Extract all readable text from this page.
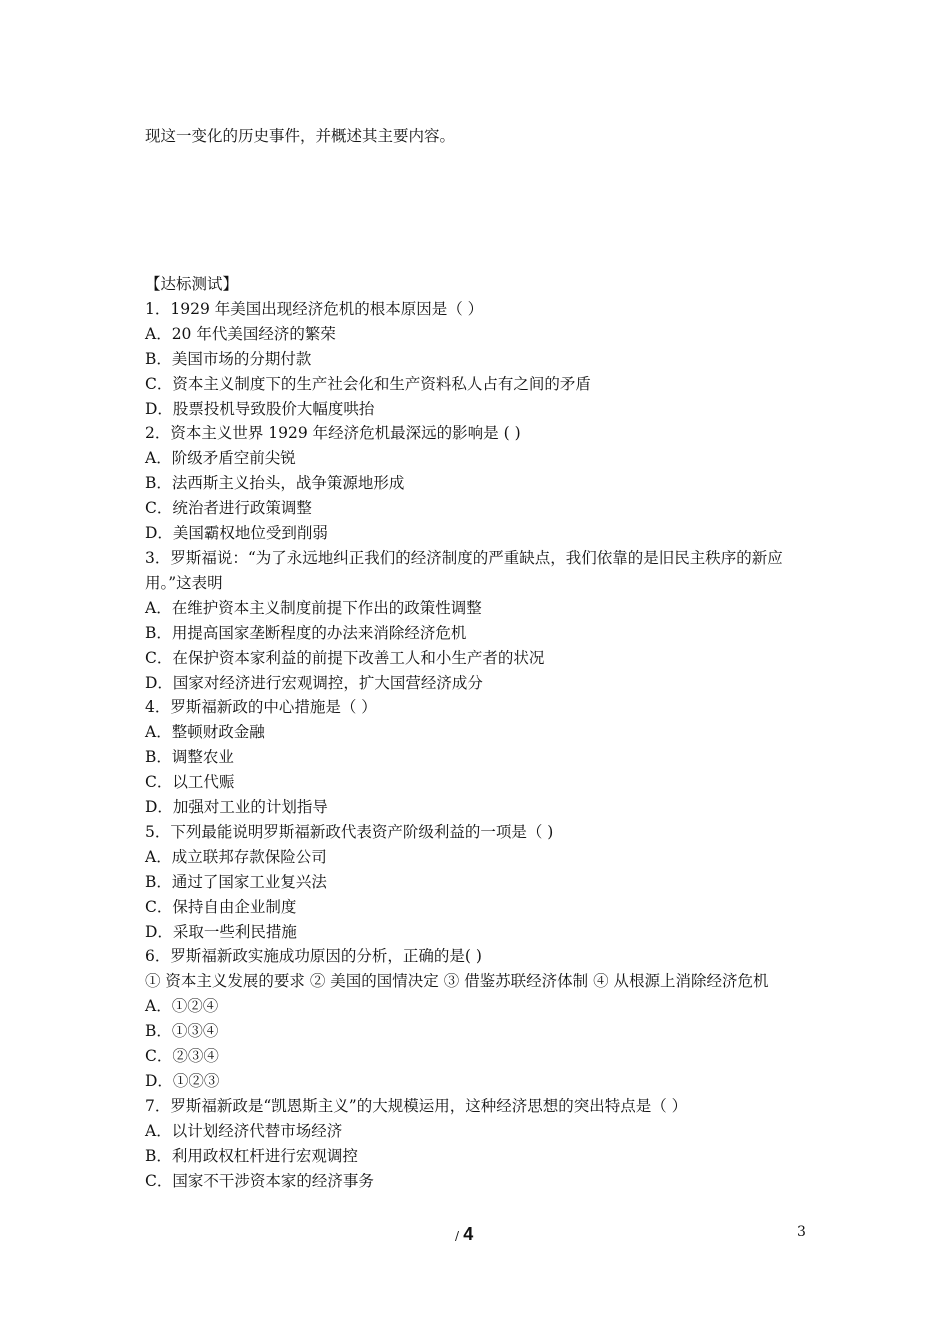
现这一变化的历史事件，并概述其主要内容。
【达标测试】
1．1929 年美国出现经济危机的根本原因是（ ）
A．20 年代美国经济的繁荣
B．美国市场的分期付款
C．资本主义制度下的生产社会化和生产资料私人占有之间的矛盾
D．股票投机导致股价大幅度哄抬
2．资本主义世界 1929 年经济危机最深远的影响是 ( )
A．阶级矛盾空前尖锐
B．法西斯主义抬头，战争策源地形成
C．统治者进行政策调整
D．美国霸权地位受到削弱
3．罗斯福说：“为了永远地纠正我们的经济制度的严重缺点，我们依靠的是旧民主秩序的新应用。”这表明
A．在维护资本主义制度前提下作出的政策性调整
B．用提高国家垄断程度的办法来消除经济危机
C．在保护资本家利益的前提下改善工人和小生产者的状况
D．国家对经济进行宏观调控，扩大国营经济成分
4．罗斯福新政的中心措施是（ ）
A．整顿财政金融
B．调整农业
C．以工代赈
D．加强对工业的计划指导
5．下列最能说明罗斯福新政代表资产阶级利益的一项是（ )
A．成立联邦存款保险公司
B．通过了国家工业复兴法
C．保持自由企业制度
D．采取一些利民措施
6．罗斯福新政实施成功原因的分析，正确的是( )
① 资本主义发展的要求 ② 美国的国情决定 ③ 借鉴苏联经济体制 ④ 从根源上消除经济危机
A．①②④
B．①③④
C．②③④
D．①②③
7．罗斯福新政是“凯恩斯主义”的大规模运用，这种经济思想的突出特点是（ ）
A．以计划经济代替市场经济
B．利用政权杠杆进行宏观调控
C．国家不干涉资本家的经济事务
/ 4	3
